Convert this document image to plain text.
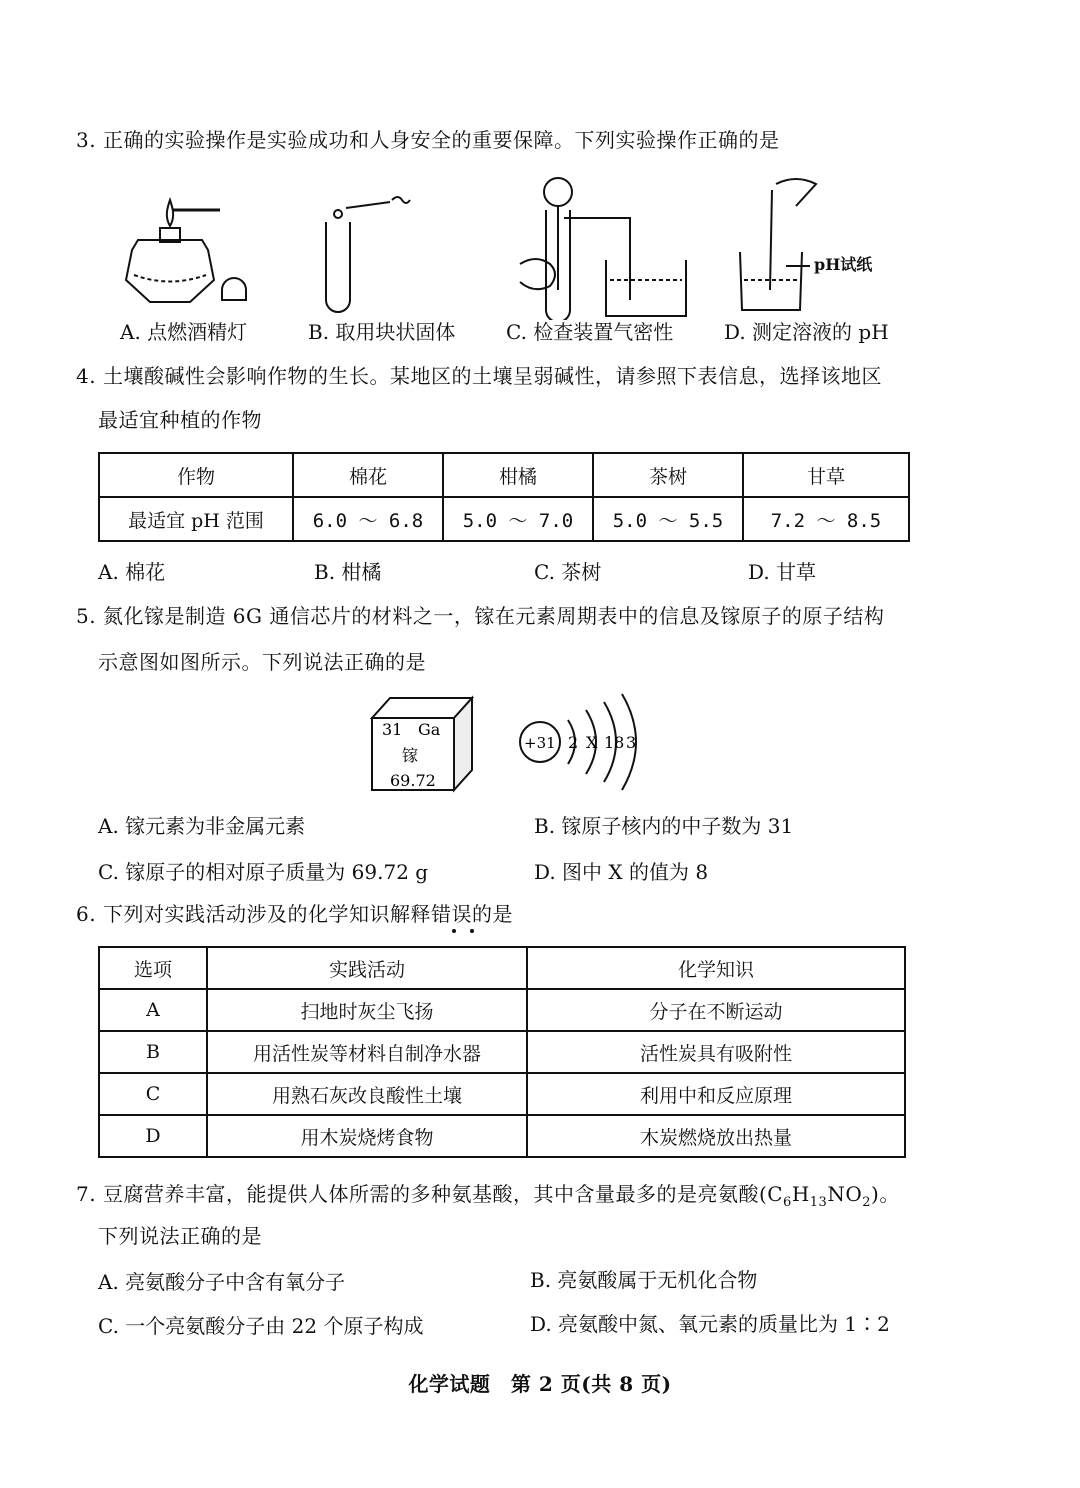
3. 正确的实验操作是实验成功和人身安全的重要保障。下列实验操作正确的是
pH试纸
A. 点燃酒精灯	B. 取用块状固体	C. 检查装置气密性	D. 测定溶液的 pH
4. 土壤酸碱性会影响作物的生长。某地区的土壤呈弱碱性，请参照下表信息，选择该地区
最适宜种植的作物
作物	棉花	柑橘	茶树	甘草
最适宜 pH 范围	6.0 ～ 6.8	5.0 ～ 7.0	5.0 ～ 5.5	7.2 ～ 8.5
A. 棉花	B. 柑橘	C. 茶树	D. 甘草
5. 氮化镓是制造 6G 通信芯片的材料之一，镓在元素周期表中的信息及镓原子的原子结构
示意图如图所示。下列说法正确的是
31 Ga
镓
69.72
+31 2 X 18 3
A. 镓元素为非金属元素	B. 镓原子核内的中子数为 31
C. 镓原子的相对原子质量为 69.72 g	D. 图中 X 的值为 8
6. 下列对实践活动涉及的化学知识解释错误的是
选项	实践活动	化学知识
A	扫地时灰尘飞扬	分子在不断运动
B	用活性炭等材料自制净水器	活性炭具有吸附性
C	用熟石灰改良酸性土壤	利用中和反应原理
D	用木炭烧烤食物	木炭燃烧放出热量
7. 豆腐营养丰富，能提供人体所需的多种氨基酸，其中含量最多的是亮氨酸$(C_6H_{13}NO_2)$。
下列说法正确的是
A. 亮氨酸分子中含有氧分子	B. 亮氨酸属于无机化合物
C. 一个亮氨酸分子由 22 个原子构成	D. 亮氨酸中氮、氧元素的质量比为 1∶2
化学试题　第 2 页(共 8 页)
